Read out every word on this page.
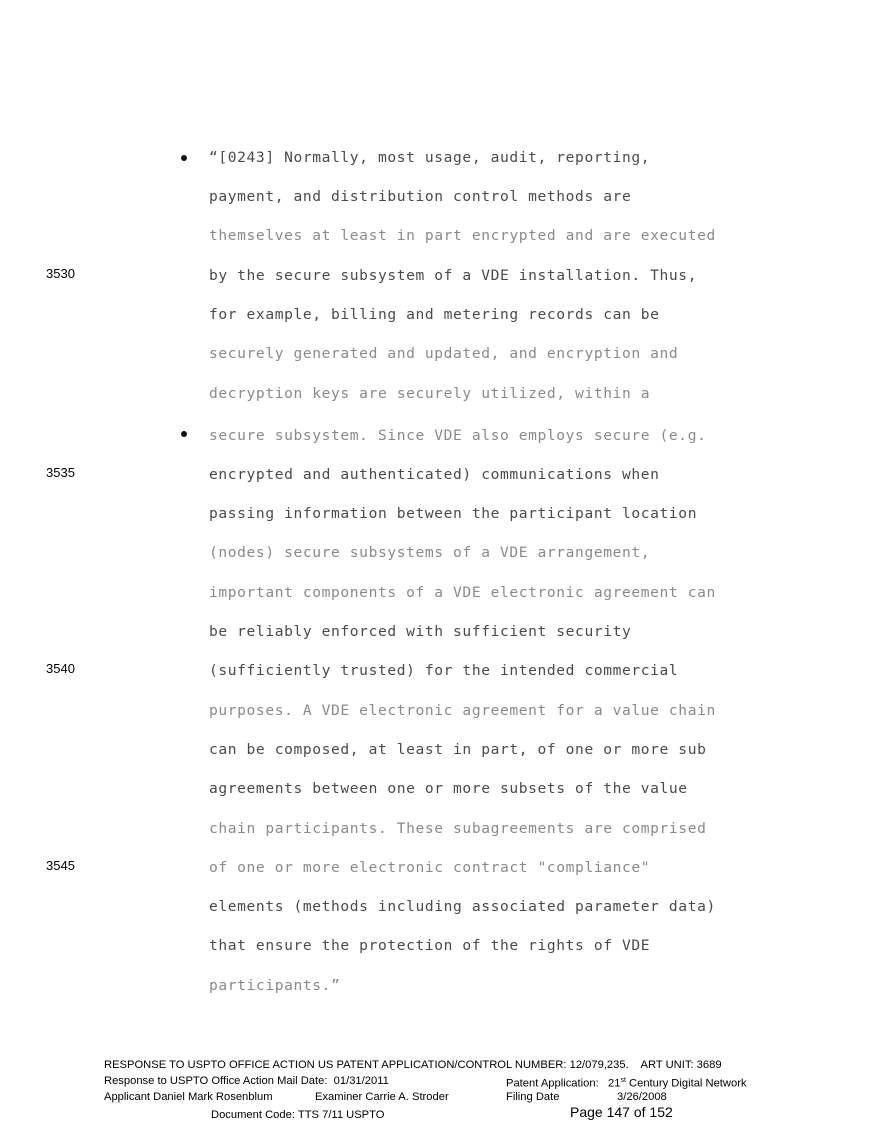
“[0243] Normally, most usage, audit, reporting,
payment, and distribution control methods are
themselves at least in part encrypted and are executed
by the secure subsystem of a VDE installation. Thus,
for example, billing and metering records can be
securely generated and updated, and encryption and
decryption keys are securely utilized, within a
secure subsystem. Since VDE also employs secure (e.g.
encrypted and authenticated) communications when
passing information between the participant location
(nodes) secure subsystems of a VDE arrangement,
important components of a VDE electronic agreement can
be reliably enforced with sufficient security
(sufficiently trusted) for the intended commercial
purposes. A VDE electronic agreement for a value chain
can be composed, at least in part, of one or more sub
agreements between one or more subsets of the value
chain participants. These subagreements are comprised
of one or more electronic contract "compliance"
elements (methods including associated parameter data)
that ensure the protection of the rights of VDE
participants.”
3530
3535
3540
3545
RESPONSE TO USPTO OFFICE ACTION US PATENT APPLICATION/CONTROL NUMBER: 12/079,235.    ART UNIT: 3689
Response to USPTO Office Action Mail Date:  01/31/2011	Patent Application: 21st Century Digital Network
Applicant Daniel Mark Rosenblum	Examiner Carrie A. Stroder	Filing Date	3/26/2008
Document Code: TTS 7/11 USPTO	Page 147 of 152
